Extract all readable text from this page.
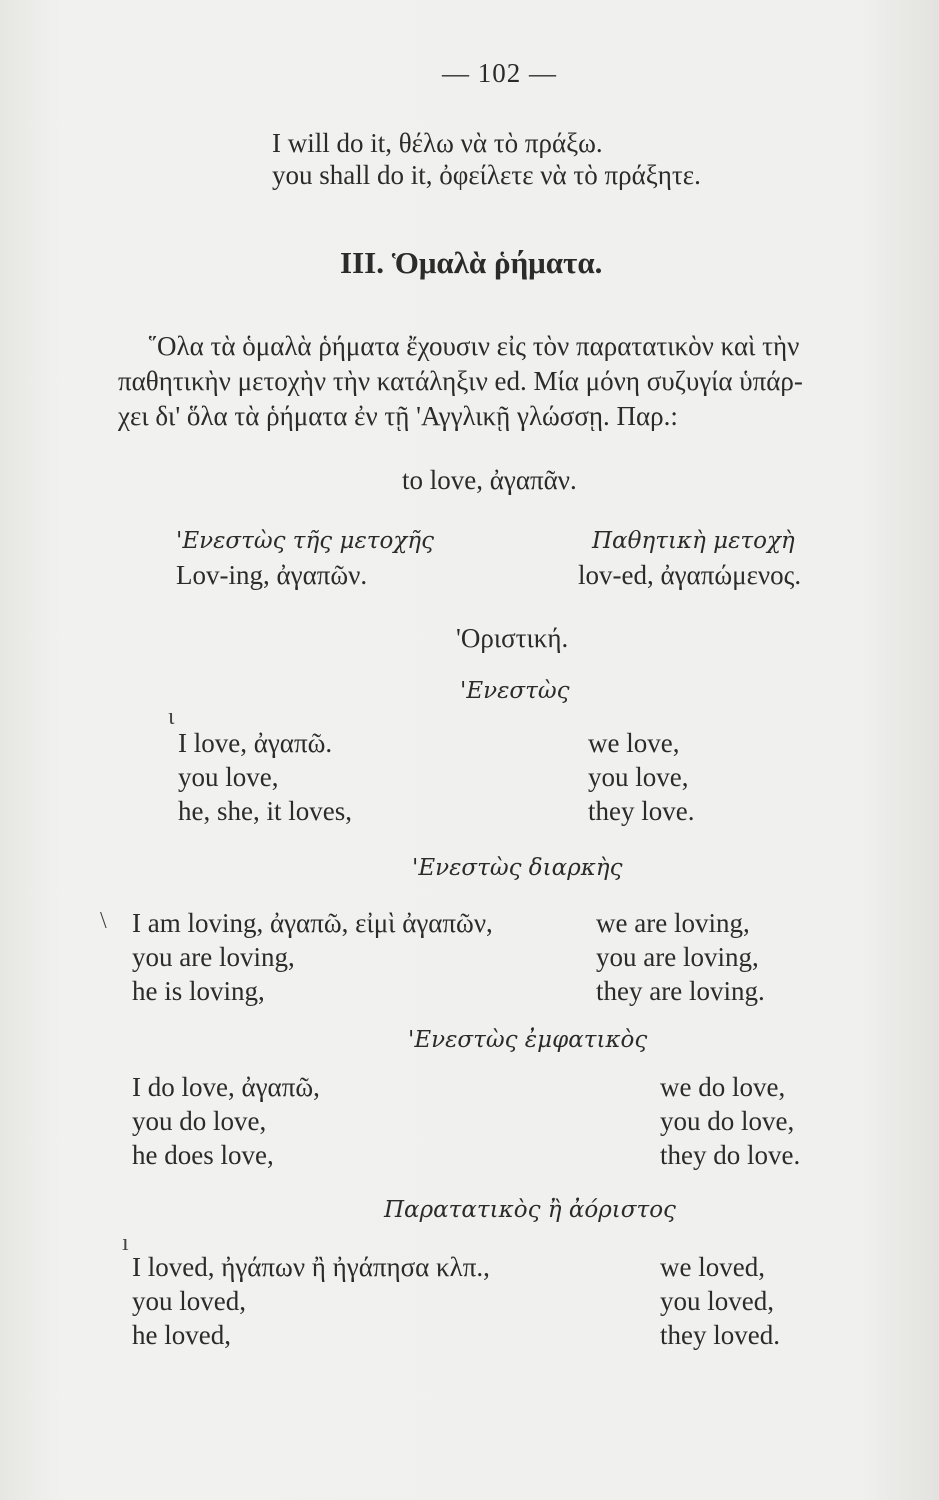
— 102 —
I will do it, θέλω νὰ τὸ πράξω.
you shall do it, ὀφείλετε νὰ τὸ πράξητε.
III. Ὁμαλὰ ῥήματα.
῞Ολα τὰ ὁμαλὰ ῥήματα ἔχουσιν εἰς τὸν παρατατικὸν καὶ τὴν
παθητικὴν μετοχὴν τὴν κατάληξιν ed. Μία μόνη συζυγία ὑπάρ-
χει δι' ὅλα τὰ ῥήματα ἐν τῇ 'Αγγλικῇ γλώσσῃ. Παρ.:
to love, ἀγαπᾶν.
'Ενεστὼς τῆς μετοχῆς
Lov-ing, ἀγαπῶν.
Παθητικὴ μετοχὴ
lov-ed, ἀγαπώμενος.
'Οριστική.
'Ενεστὼς
ɩ
I love, ἀγαπῶ.
you love,
he, she, it loves,
we love,
you love,
they love.
'Ενεστὼς διαρκὴς
\ I am loving, ἀγαπῶ, εἰμὶ ἀγαπῶν,
you are loving,
he is loving,
we are loving,
you are loving,
they are loving.
'Ενεστὼς ἐμφατικὸς
I do love, ἀγαπῶ,
you do love,
he does love,
we do love,
you do love,
they do love.
Παρατατικὸς ἢ ἀόριστος
ı
I loved, ἠγάπων ἢ ἠγάπησα κλπ.,
you loved,
he loved,
we loved,
you loved,
they loved.
